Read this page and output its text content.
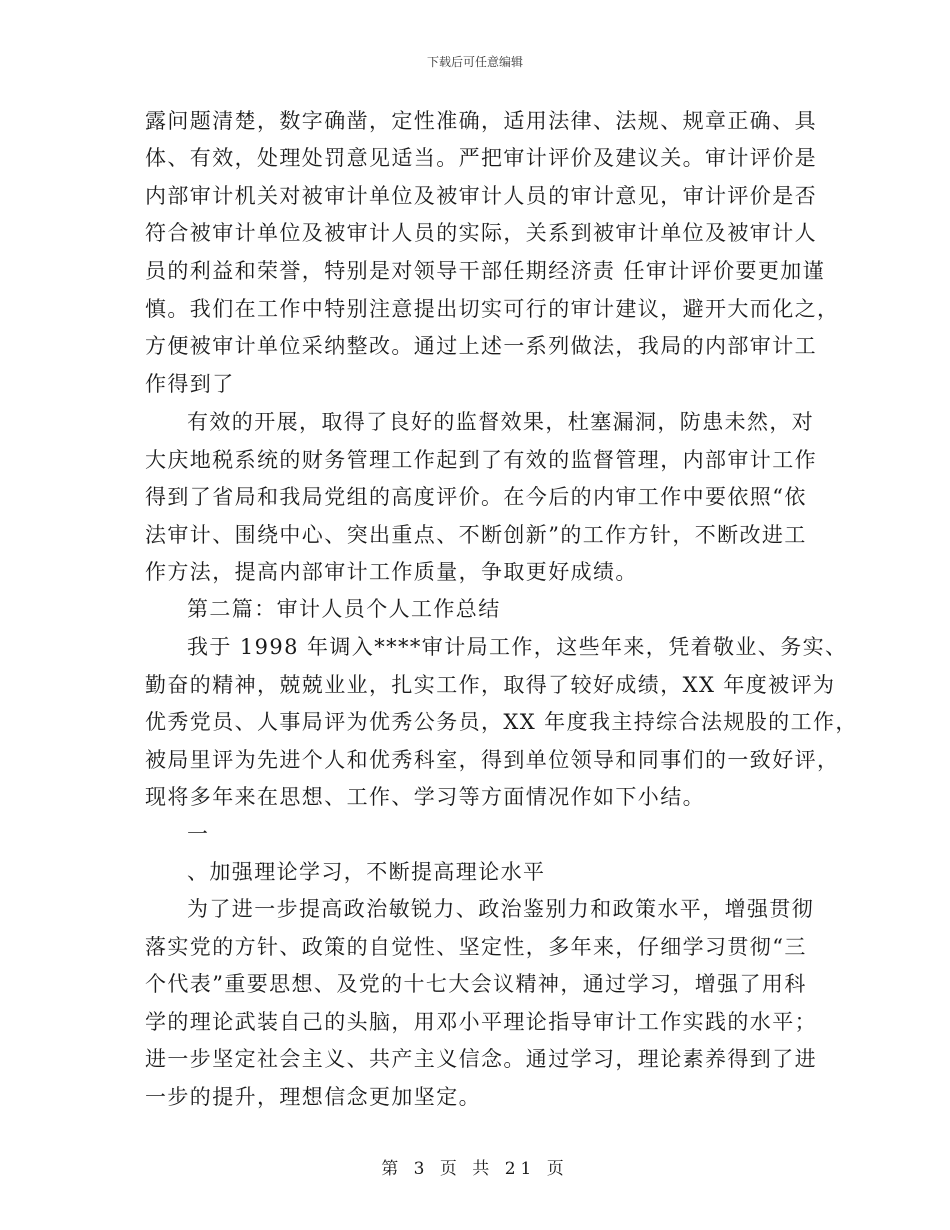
下载后可任意编辑
露问题清楚，数字确凿，定性准确，适用法律、法规、规章正确、具
体、有效，处理处罚意见适当。严把审计评价及建议关。审计评价是
内部审计机关对被审计单位及被审计人员的审计意见，审计评价是否
符合被审计单位及被审计人员的实际，关系到被审计单位及被审计人
员的利益和荣誉，特别是对领导干部任期经济责 任审计评价要更加谨
慎。我们在工作中特别注意提出切实可行的审计建议，避开大而化之，
方便被审计单位采纳整改。通过上述一系列做法，我局的内部审计工
作得到了
有效的开展，取得了良好的监督效果，杜塞漏洞，防患未然，对
大庆地税系统的财务管理工作起到了有效的监督管理，内部审计工作
得到了省局和我局党组的高度评价。在今后的内审工作中要依照“依
法审计、围绕中心、突出重点、不断创新”的工作方针，不断改进工
作方法，提高内部审计工作质量，争取更好成绩。
第二篇：审计人员个人工作总结
我于 1998 年调入****审计局工作，这些年来，凭着敬业、务实、
勤奋的精神，兢兢业业，扎实工作，取得了较好成绩，XX 年度被评为
优秀党员、人事局评为优秀公务员，XX 年度我主持综合法规股的工作，
被局里评为先进个人和优秀科室，得到单位领导和同事们的一致好评，
现将多年来在思想、工作、学习等方面情况作如下小结。
一
、加强理论学习，不断提高理论水平
为了进一步提高政治敏锐力、政治鉴别力和政策水平，增强贯彻
落实党的方针、政策的自觉性、坚定性，多年来，仔细学习贯彻“三
个代表”重要思想、及党的十七大会议精神，通过学习，增强了用科
学的理论武装自己的头脑，用邓小平理论指导审计工作实践的水平；
进一步坚定社会主义、共产主义信念。通过学习，理论素养得到了进
一步的提升，理想信念更加坚定。
第 3 页 共 21 页
